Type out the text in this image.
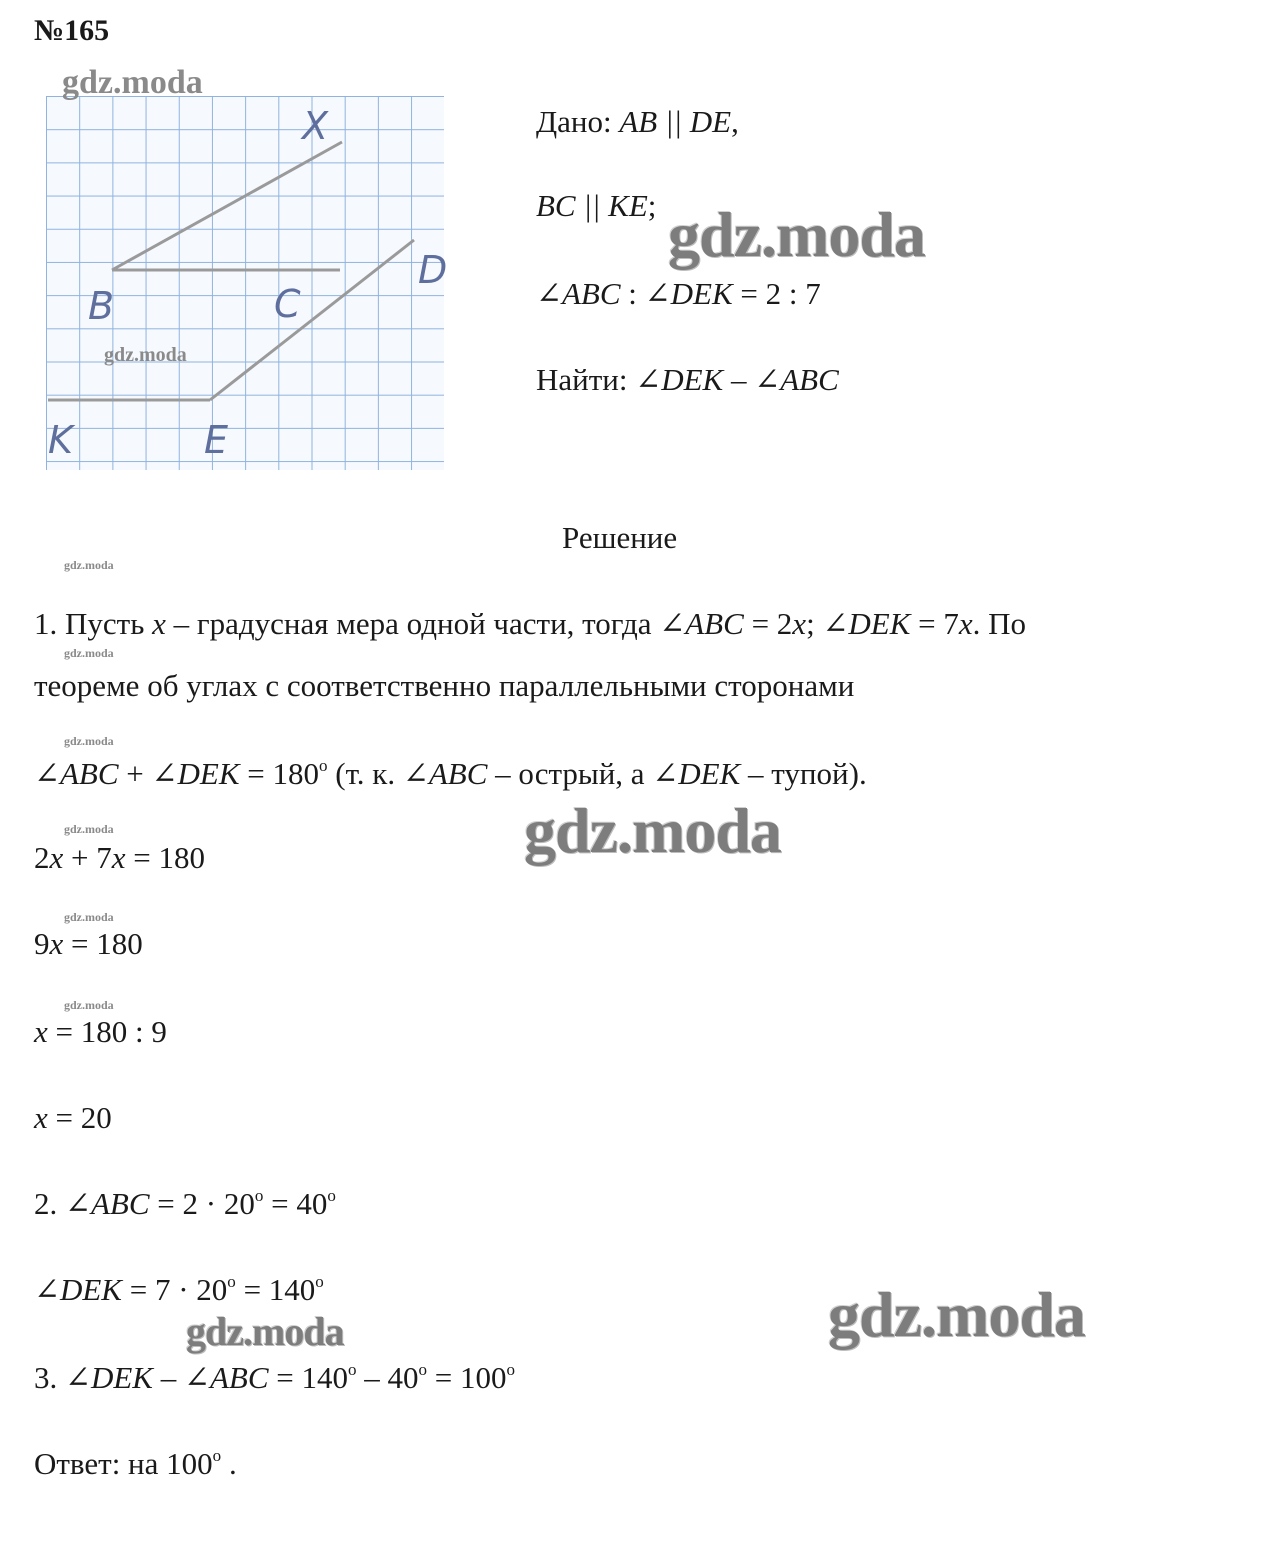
№165
X
B	C
D
K	E
gdz.moda
gdz.moda
gdz.moda
gdz.moda
gdz.moda
gdz.moda
gdz.moda
gdz.moda
gdz.moda
gdz.moda
gdz.moda
gdz.moda
Дано: AB || DE,
BC || KE;
∠ABC : ∠DEK = 2 : 7
Найти: ∠DEK – ∠ABC
Решение
1. Пусть x – градусная мера одной части, тогда ∠ABC = 2x; ∠DEK = 7x. По
теореме об углах с соответственно параллельными сторонами
∠ABC + ∠DEK = $180^о$ (т. к. ∠ABC – острый, а ∠DEK – тупой).
2x + 7x = 180
9x = 180
x = 180 : 9
x = 20
2. ∠ABC = $2 \cdot 20^о = 40^о$
∠DEK = $7 \cdot 20^о = 140^о$
3. ∠DEK – ∠ABC = $140^о - 40^о = 100^о$
Ответ: на $100^о$ .
